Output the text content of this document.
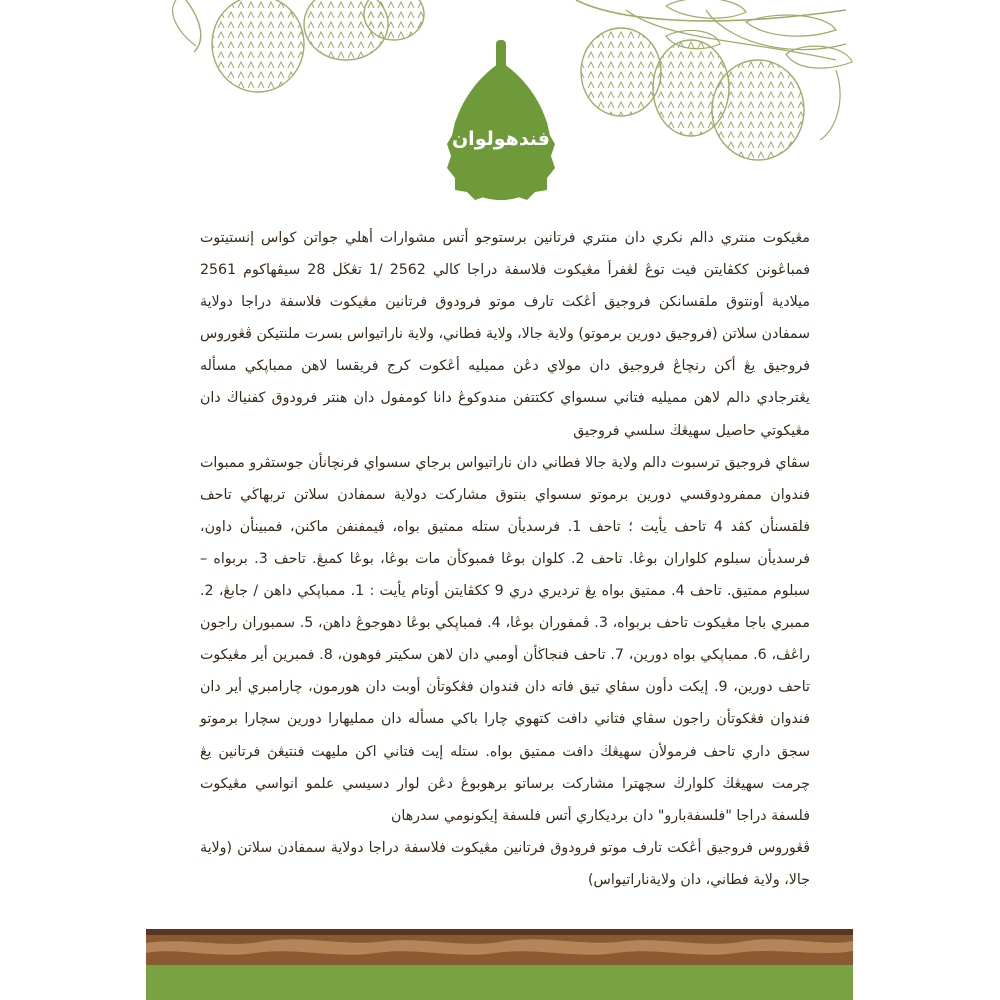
فندهولوان

مڠيكوت منتري دالم نكري دان منتري فرتانين برستوجو أتس مشوارات أهلي جواتن كواس إنستيتوت فمباڠونن ككڤايتن فيت توڠ لڠفرأ مڠيكوت فلاسفة دراجا كالي 2562 /1 تڠڬل 28 سيڤهاكوم 2561 ميلادية أونتوق ملقسانكن فروجيق أڠكت تارف موتو فرودوق فرتانين مڠيكوت فلاسفة دراجا دولاية سمفادن سلاتن (فروجيق دورين برموتو) ولاية جالا، ولاية فطاني، ولاية ناراتيواس بسرت ملنتيكن ڤڠوروس فروجيق يڠ أكن رنچاڠ فروجيق دان مولاي دڠن مميليه أڠكوت كرج فريقسا لاهن ممباڽكي مسأله يڠترجادي دالم لاهن مميليه فتاني سسواي ككتتفن مندوكوڠ دانا كومفول دان هنتر فرودوق كفنياڬ دان مڠيكوتي حاصيل سهيڠڬ سلسي فروجيق

سڤاي فروجيق ترسبوت دالم ولاية جالا فطاني دان ناراتيواس برجاي سسواي فرنچانأن جوستڤرو ممبوات فندوان ممفرودوقسي دورين برموتو سسواي بنتوق مشاركت دولاية سمفادن سلاتن تربهاڬي تاحف فلقسنأن كڤد 4 تاحف يأيت ؛ تاحف 1. فرسديأن ستله ممتيق بواه، ڤيمفنفن ماكنن، فمبينأن داون، فرسديأن سبلوم كلواران بوڠا. تاحف 2. كلوان بوڠا فمبوكأن مات بوڠا، بوڠا كمبڠ. تاحف 3. بربواه – سبلوم ممتيق. تاحف 4. ممتيق بواه يڠ ترديري دري 9 ككڤايتن أوتام يأيت : 1. ممباڽكي داهن / جابڠ، 2. ممبري باجا مڠيكوت تاحف بربواه، 3. ڤمفوران بوڠا، 4. فمباڽكي بوڠا دهوجوڠ داهن، 5. سمبوران راجون راڠڤ، 6. ممباڽكي بواه دورين، 7. تاحف فنجاڬأن أومبي دان لاهن سكيتر فوهون، 8. فمبرين أير مڠيكوت تاحف دورين، 9. إيكت دأون سڤاي تيق فاته دان فندوان فڠكوتأن أوبت دان هورمون، چارامبري أير دان فندوان فڠكوتأن راجون سڤاي فتاني دافت كتهوي چارا باكي مسأله دان ممليهارا دورين سچارا برموتو سجق داري تاحف فرمولأن سهيڠڬ دافت ممتيق بواه. ستله إيت فتاني اكن مليهت فنتيڠڽ فرتانين يڠ چرمت سهيڠڬ كلوارڬ سچهترا مشاركت برساتو برهوبوڠ دڠن لوار دسيسي علمو انواسي مڠيكوت فلسفة دراجا "فلسفةبارو" دان برديكاري أتس فلسفة إيكونومي سدرهان

ڤڠوروس فروجيق أڠكت تارف موتو فرودوق فرتانين مڠيكوت فلاسفة دراجا دولاية سمفادن سلاتن (ولاية جالا، ولاية فطاني، دان ولايةناراتيواس)
